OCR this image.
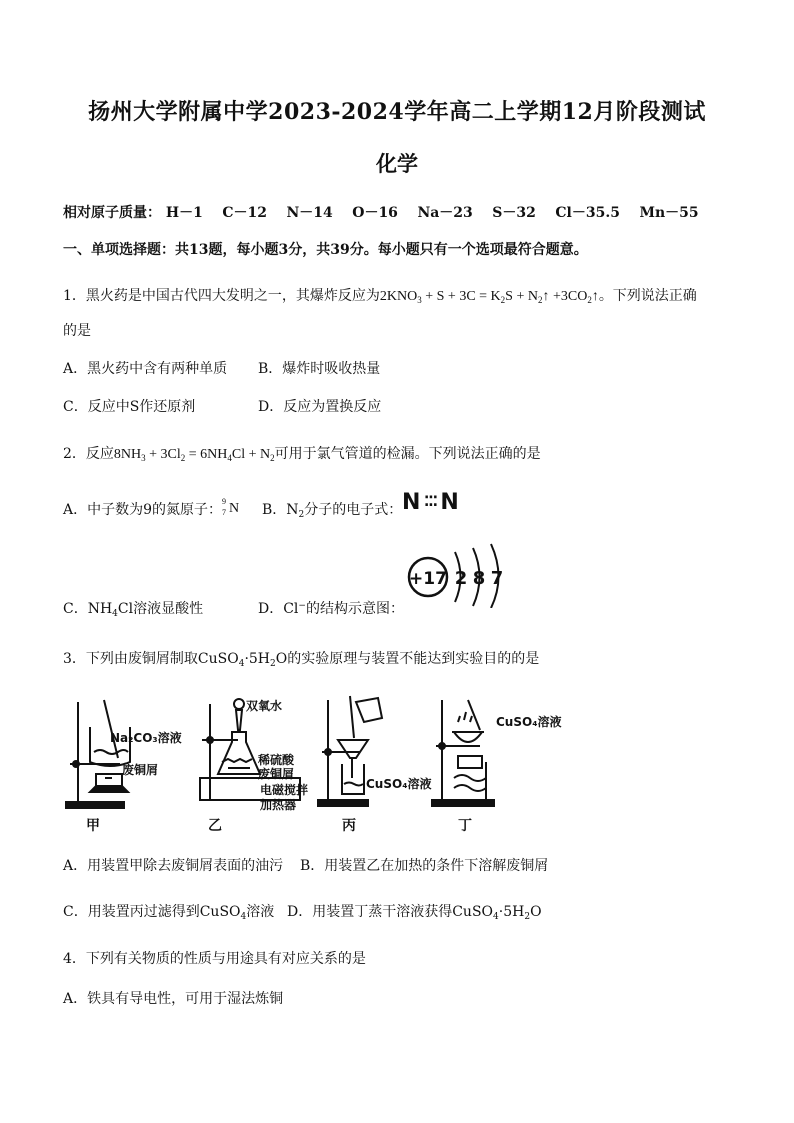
扬州大学附属中学2023-2024学年高二上学期12月阶段测试
化学
相对原子质量： H－1 C－12 N－14 O－16 Na－23 S－32 Cl－35.5 Mn－55
一、单项选择题：共13题，每小题3分，共39分。每小题只有一个选项最符合题意。
1．黑火药是中国古代四大发明之一，其爆炸反应为$2KNO_3 + S + 3C = K_2S$ + $N_2↑$ $+3CO_2↑$。下列说法正确
的是
A．黑火药中含有两种单质 B．爆炸时吸收热量
C．反应中S作还原剂	D．反应为置换反应
2．反应$8NH_3 + 3Cl_2 = 6NH_4Cl + N_2$可用于氯气管道的检漏。下列说法正确的是
A．中子数为9的氮原子：
9
7 N B．$N_2$分子的电子式： N ⁚⁚⁚ N
+17 2 8 7
C．$NH_4Cl$溶液显酸性	D．Cl−的结构示意图：
3．下列由废铜屑制取$CuSO_4\cdot 5H_2O$的实验原理与装置不能达到实验目的的是
Na₂CO₃溶液
废铜屑
甲
双氧水
稀硫酸
废铜屑
电磁搅拌
加热器
乙
CuSO₄溶液
丙
CuSO₄溶液
丁
A．用装置甲除去废铜屑表面的油污 B．用装置乙在加热的条件下溶解废铜屑
C．用装置丙过滤得到CuSO$_4$溶液 D．用装置丁蒸干溶液获得$CuSO_4\cdot 5H_2O$
4．下列有关物质的性质与用途具有对应关系的是
A．铁具有导电性，可用于湿法炼铜
